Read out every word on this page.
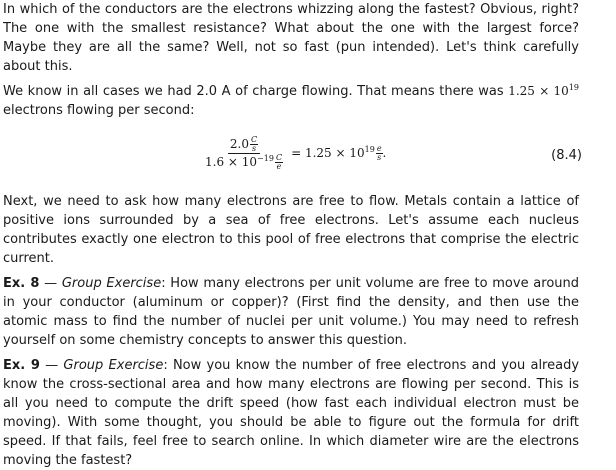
In which of the conductors are the electrons whizzing along the fastest? Obvious, right? The one with the smallest resistance? What about the one with the largest force? Maybe they are all the same? Well, not so fast (pun intended). Let's think carefully about this.

We know in all cases we had 2.0 A of charge flowing. That means there was $1.25 \times 10^{19}$ electrons flowing per second:

$\frac{2.0 \frac{C}{s}}{1.6 \times 10^{-19} \frac{C}{e}} = 1.25 \times 10^{19} \frac{e}{s}$ .	(8.4)

Next, we need to ask how many electrons are free to flow. Metals contain a lattice of positive ions surrounded by a sea of free electrons. Let's assume each nucleus contributes exactly one electron to this pool of free electrons that comprise the electric current.

Ex. 8 — Group Exercise: How many electrons per unit volume are free to move around in your conductor (aluminum or copper)? (First find the density, and then use the atomic mass to find the number of nuclei per unit volume.) You may need to refresh yourself on some chemistry concepts to answer this question.

Ex. 9 — Group Exercise: Now you know the number of free electrons and you already know the cross-sectional area and how many electrons are flowing per second. This is all you need to compute the drift speed (how fast each individual electron must be moving). With some thought, you should be able to figure out the formula for drift speed. If that fails, feel free to search online. In which diameter wire are the electrons moving the fastest?
